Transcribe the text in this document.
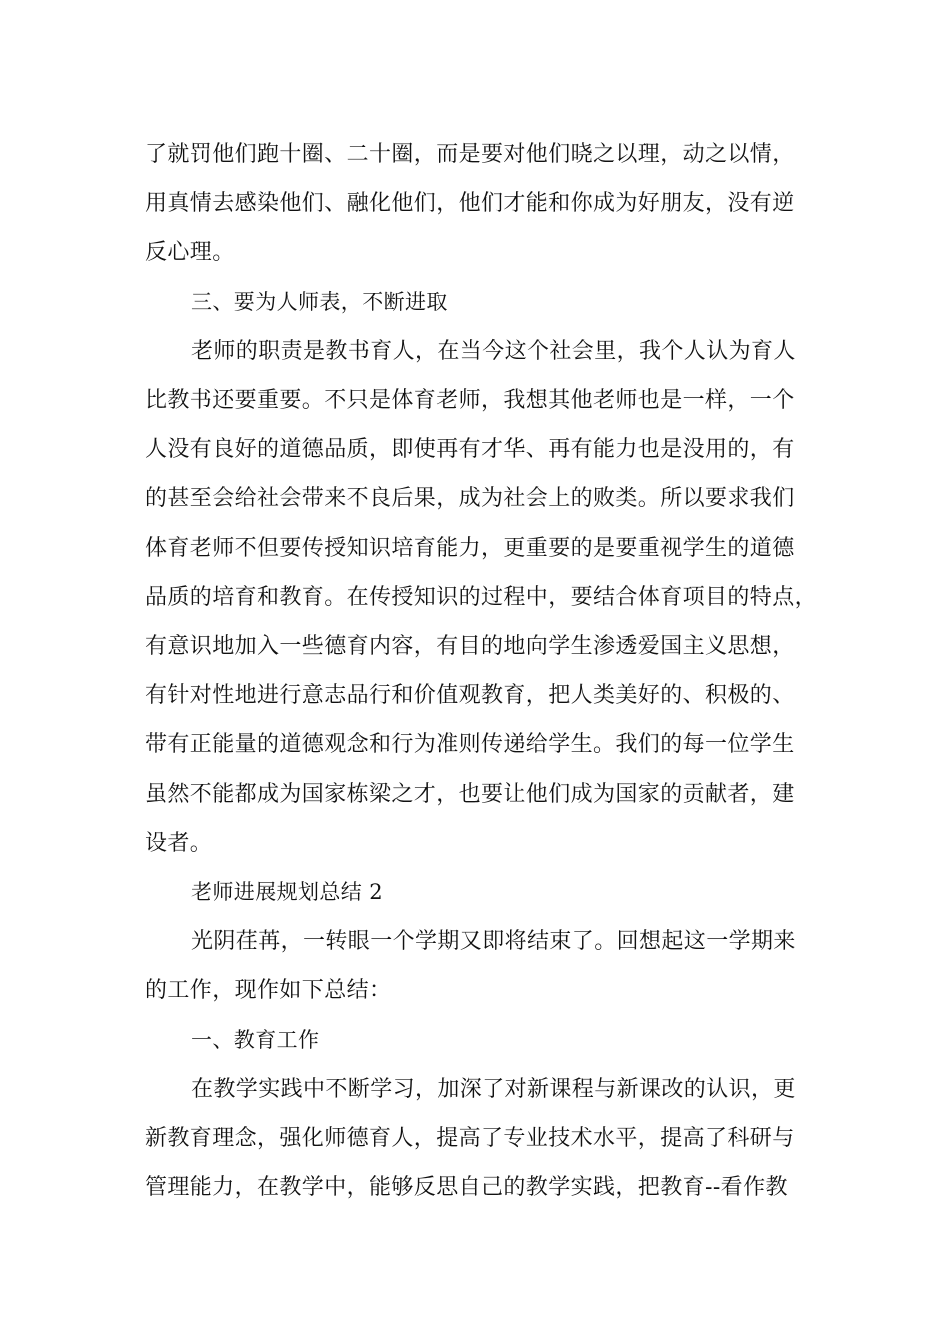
了就罚他们跑十圈、二十圈，而是要对他们晓之以理，动之以情，

用真情去感染他们、融化他们，他们才能和你成为好朋友，没有逆

反心理。

三、要为人师表，不断进取

老师的职责是教书育人，在当今这个社会里，我个人认为育人

比教书还要重要。不只是体育老师，我想其他老师也是一样，一个

人没有良好的道德品质，即使再有才华、再有能力也是没用的，有

的甚至会给社会带来不良后果，成为社会上的败类。所以要求我们

体育老师不但要传授知识培育能力，更重要的是要重视学生的道德

品质的培育和教育。在传授知识的过程中，要结合体育项目的特点，

有意识地加入一些德育内容，有目的地向学生渗透爱国主义思想，

有针对性地进行意志品行和价值观教育，把人类美好的、积极的、

带有正能量的道德观念和行为准则传递给学生。我们的每一位学生

虽然不能都成为国家栋梁之才，也要让他们成为国家的贡献者，建

设者。

老师进展规划总结 2

光阴荏苒，一转眼一个学期又即将结束了。回想起这一学期来

的工作，现作如下总结：

一、教育工作

在教学实践中不断学习，加深了对新课程与新课改的认识，更

新教育理念，强化师德育人，提高了专业技术水平，提高了科研与

管理能力，在教学中，能够反思自己的教学实践，把教育--看作教
